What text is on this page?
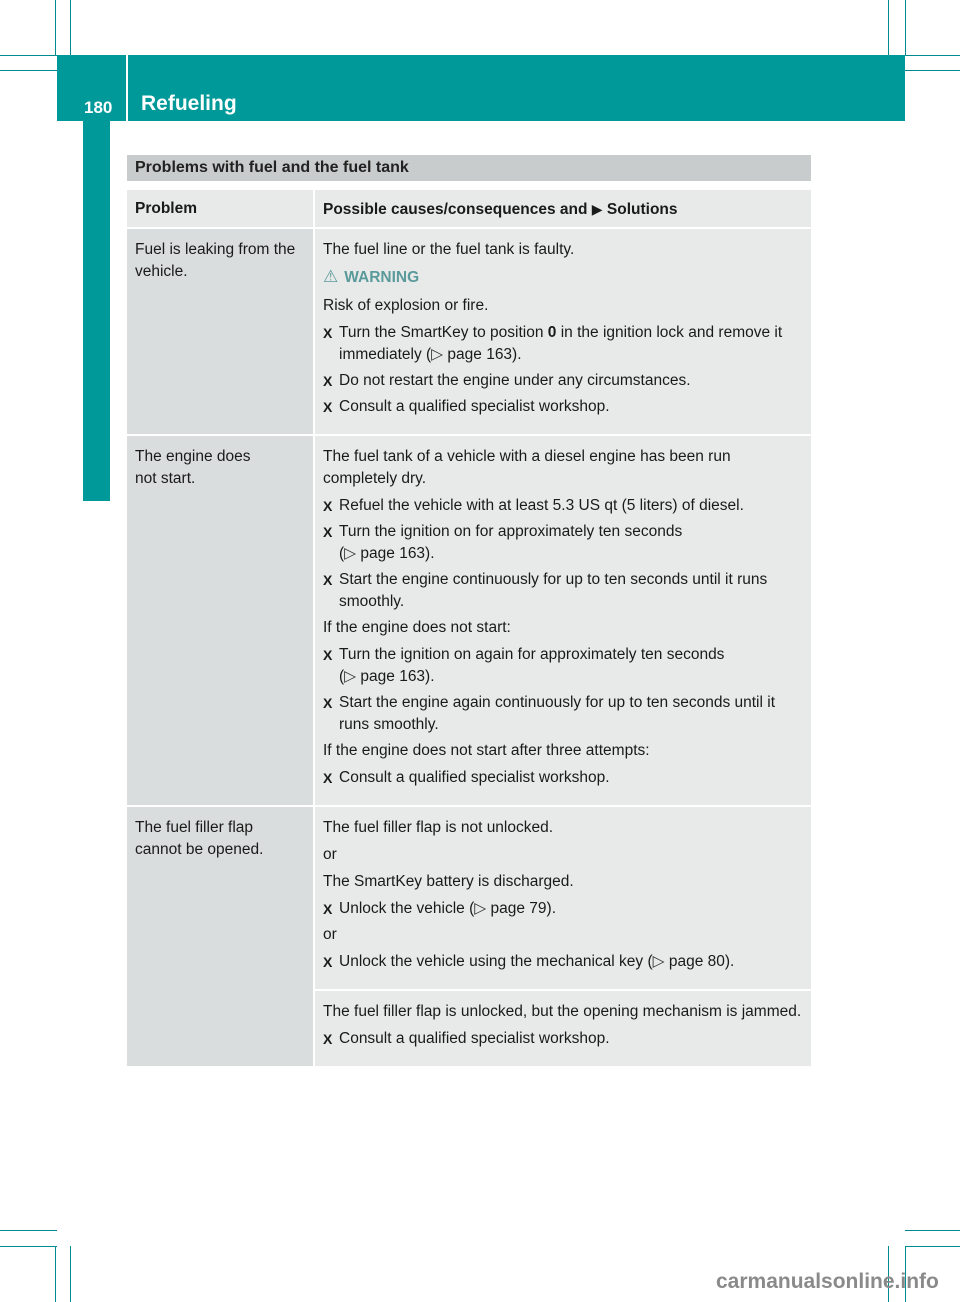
180 Refueling
Driving and parking
Problems with fuel and the fuel tank
Problem	Possible causes/consequences and ▶ Solutions
Fuel is leaking from the vehicle.

The fuel line or the fuel tank is faulty.

⚠ WARNING

Risk of explosion or fire.

X Turn the SmartKey to position 0 in the ignition lock and remove it immediately (▷ page 163).

X Do not restart the engine under any circumstances.

X Consult a qualified specialist workshop.

The engine does not start.

The fuel tank of a vehicle with a diesel engine has been run completely dry.

X Refuel the vehicle with at least 5.3 US qt (5 liters) of diesel.

X Turn the ignition on for approximately ten seconds
(▷ page 163).

X Start the engine continuously for up to ten seconds until it runs smoothly.

If the engine does not start:

X Turn the ignition on again for approximately ten seconds
(▷ page 163).

X Start the engine again continuously for up to ten seconds until it runs smoothly.

If the engine does not start after three attempts:

X Consult a qualified specialist workshop.

The fuel filler flap cannot be opened.

The fuel filler flap is not unlocked.

or

The SmartKey battery is discharged.

X Unlock the vehicle (▷ page 79).

or

X Unlock the vehicle using the mechanical key (▷ page 80).

The fuel filler flap is unlocked, but the opening mechanism is jammed.

X Consult a qualified specialist workshop.

carmanualsonline.info
